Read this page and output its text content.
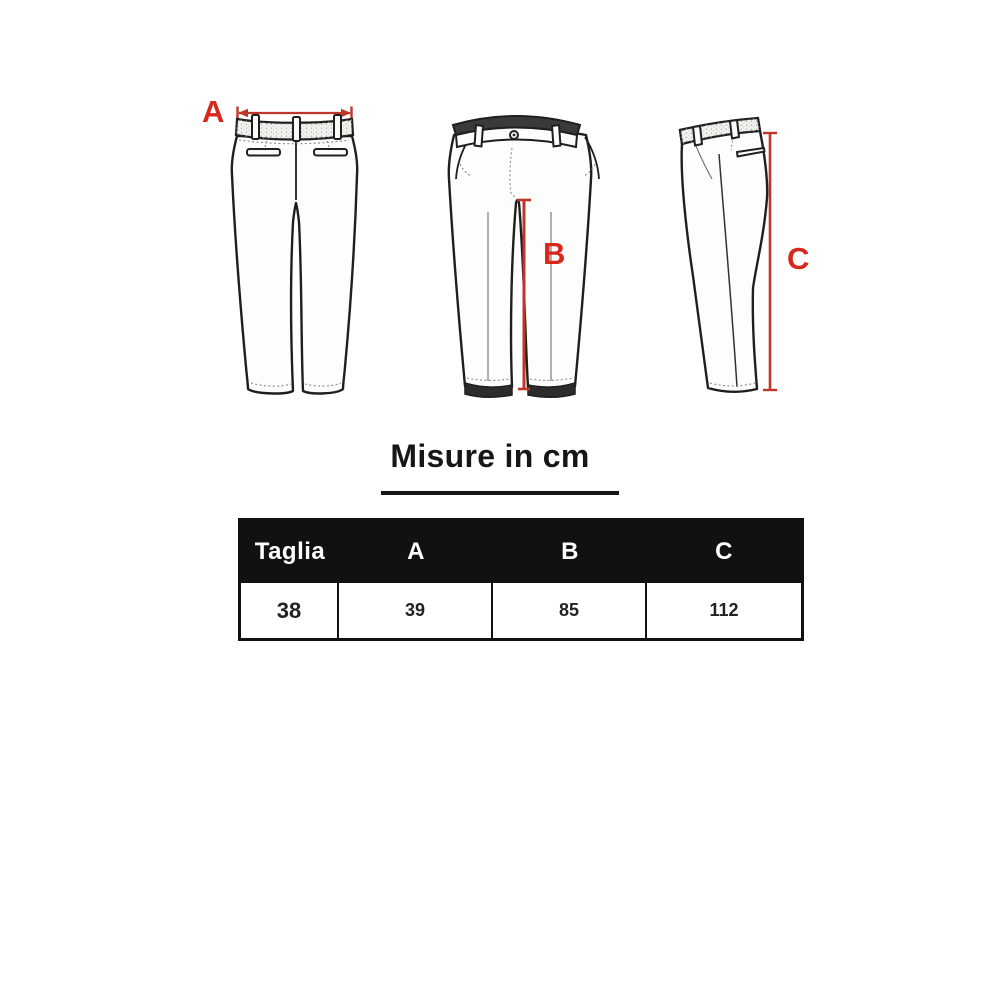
A
B	C
Misure in cm
Taglia	A	B	C
38	39	85	112
